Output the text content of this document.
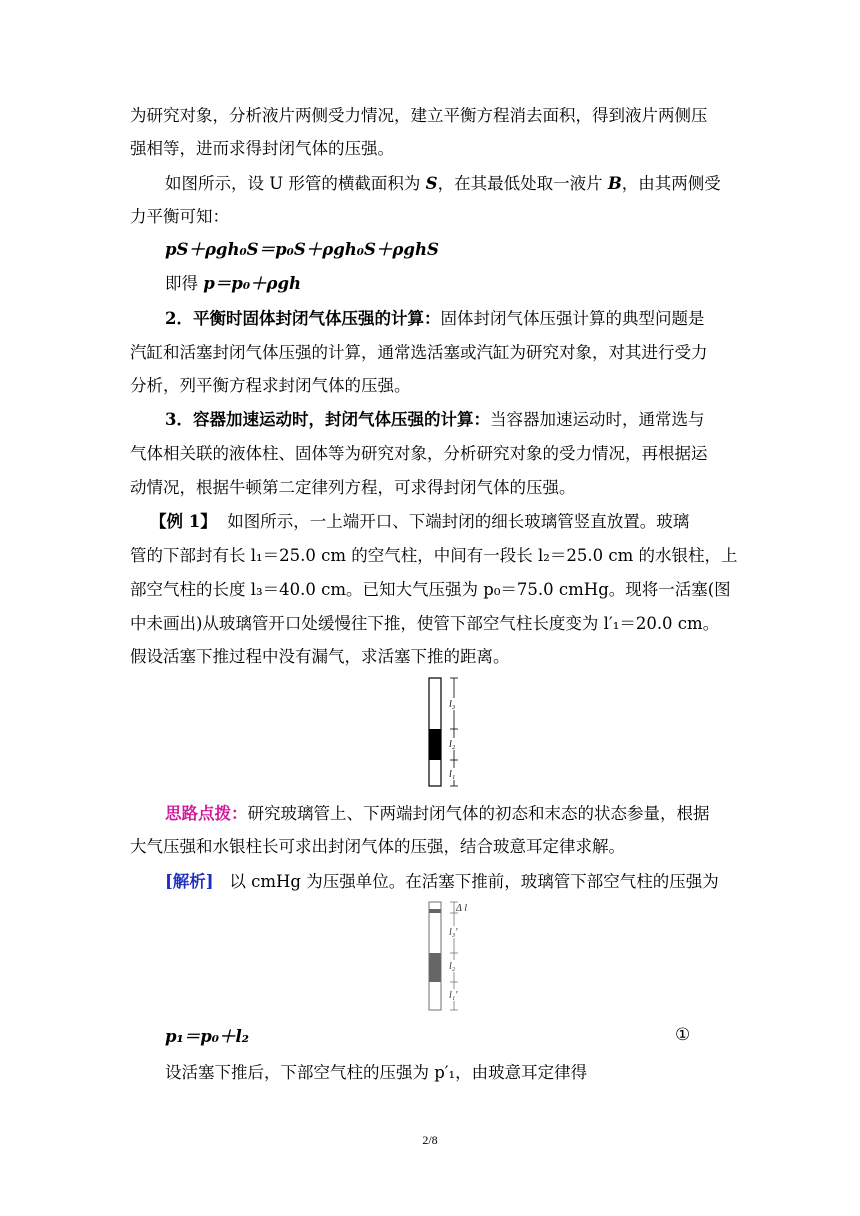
为研究对象，分析液片两侧受力情况，建立平衡方程消去面积，得到液片两侧压
强相等，进而求得封闭气体的压强。
如图所示，设 U 形管的横截面积为 S，在其最低处取一液片 B，由其两侧受
力平衡可知：
pS＋ρgh₀S＝p₀S＋ρgh₀S＋ρghS
即得 p＝p₀＋ρgh
2．平衡时固体封闭气体压强的计算：固体封闭气体压强计算的典型问题是
汽缸和活塞封闭气体压强的计算，通常选活塞或汽缸为研究对象，对其进行受力
分析，列平衡方程求封闭气体的压强。
3．容器加速运动时，封闭气体压强的计算：当容器加速运动时，通常选与
气体相关联的液体柱、固体等为研究对象，分析研究对象的受力情况，再根据运
动情况，根据牛顿第二定律列方程，可求得封闭气体的压强。
【例 1】 如图所示，一上端开口、下端封闭的细长玻璃管竖直放置。玻璃
管的下部封有长 l₁＝25.0 cm 的空气柱，中间有一段长 l₂＝25.0 cm 的水银柱，上
部空气柱的长度 l₃＝40.0 cm。已知大气压强为 p₀＝75.0 cmHg。现将一活塞(图
中未画出)从玻璃管开口处缓慢往下推，使管下部空气柱长度变为 l′₁＝20.0 cm。
假设活塞下推过程中没有漏气，求活塞下推的距离。
l₃
l₂
l₁
思路点拨：研究玻璃管上、下两端封闭气体的初态和末态的状态参量，根据
大气压强和水银柱长可求出封闭气体的压强，结合玻意耳定律求解。
[解析] 以 cmHg 为压强单位。在活塞下推前，玻璃管下部空气柱的压强为
Δ l
l₃′
l₂
l₁′
p₁＝p₀＋l₂	①
设活塞下推后，下部空气柱的压强为 p′₁，由玻意耳定律得
2/8
